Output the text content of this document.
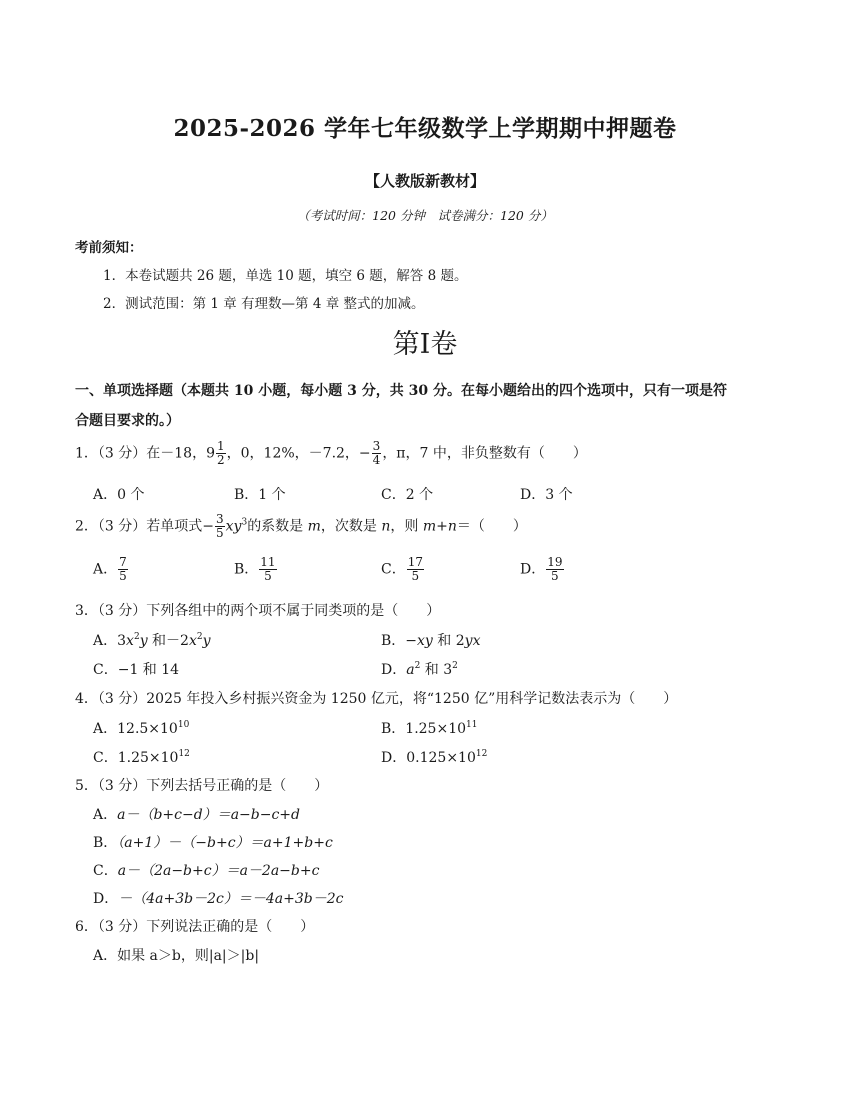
2025-2026 学年七年级数学上学期期中押题卷
【人教版新教材】
（考试时间：120 分钟　试卷满分：120 分）
考前须知：
1．本卷试题共 26 题，单选 10 题，填空 6 题，解答 8 题。
2．测试范围：第 1 章 有理数—第 4 章 整式的加减。
第I卷
一、单项选择题（本题共 10 小题，每小题 3 分，共 30 分。在每小题给出的四个选项中，只有一项是符
合题目要求的。）
1．（3 分）在－18，$9 \frac{1}{2}$ ，0，12%，－7.2，− $\frac{3}{4}$ ，π，7 中，非负整数有（　　）
A．0 个	B．1 个	C．2 个	D．3 个
2．（3 分）若单项式− $\frac{3}{5} xy^3$的系数是 m，次数是 n，则 m+n＝（　　）
A． $\frac{7}{5}$	B． $\frac{11}{5}$	C． $\frac{17}{5}$	D． $\frac{19}{5}$
3．（3 分）下列各组中的两个项不属于同类项的是（　　）
A．$3x^2y$ 和$-2x^2y$	B．−xy 和 2yx
C．−1 和 14	D．$a^2$ 和 $3^2$
4．（3 分）2025 年投入乡村振兴资金为 1250 亿元，将“1250 亿”用科学记数法表示为（　　）
A．$12.5\times 10^{10}$	B．$1.25\times 10^{11}$
C．$1.25\times 10^{12}$	D．$0.125\times 10^{12}$
5．（3 分）下列去括号正确的是（　　）
A．a－（b+c−d）＝a−b−c+d
B．（a+1）－（−b+c）＝a+1+b+c
C．a－（2a−b+c）＝a－2a−b+c
D．－（4a+3b－2c）＝－4a+3b－2c
6．（3 分）下列说法正确的是（　　）
A．如果 a＞b，则|a|＞|b|
